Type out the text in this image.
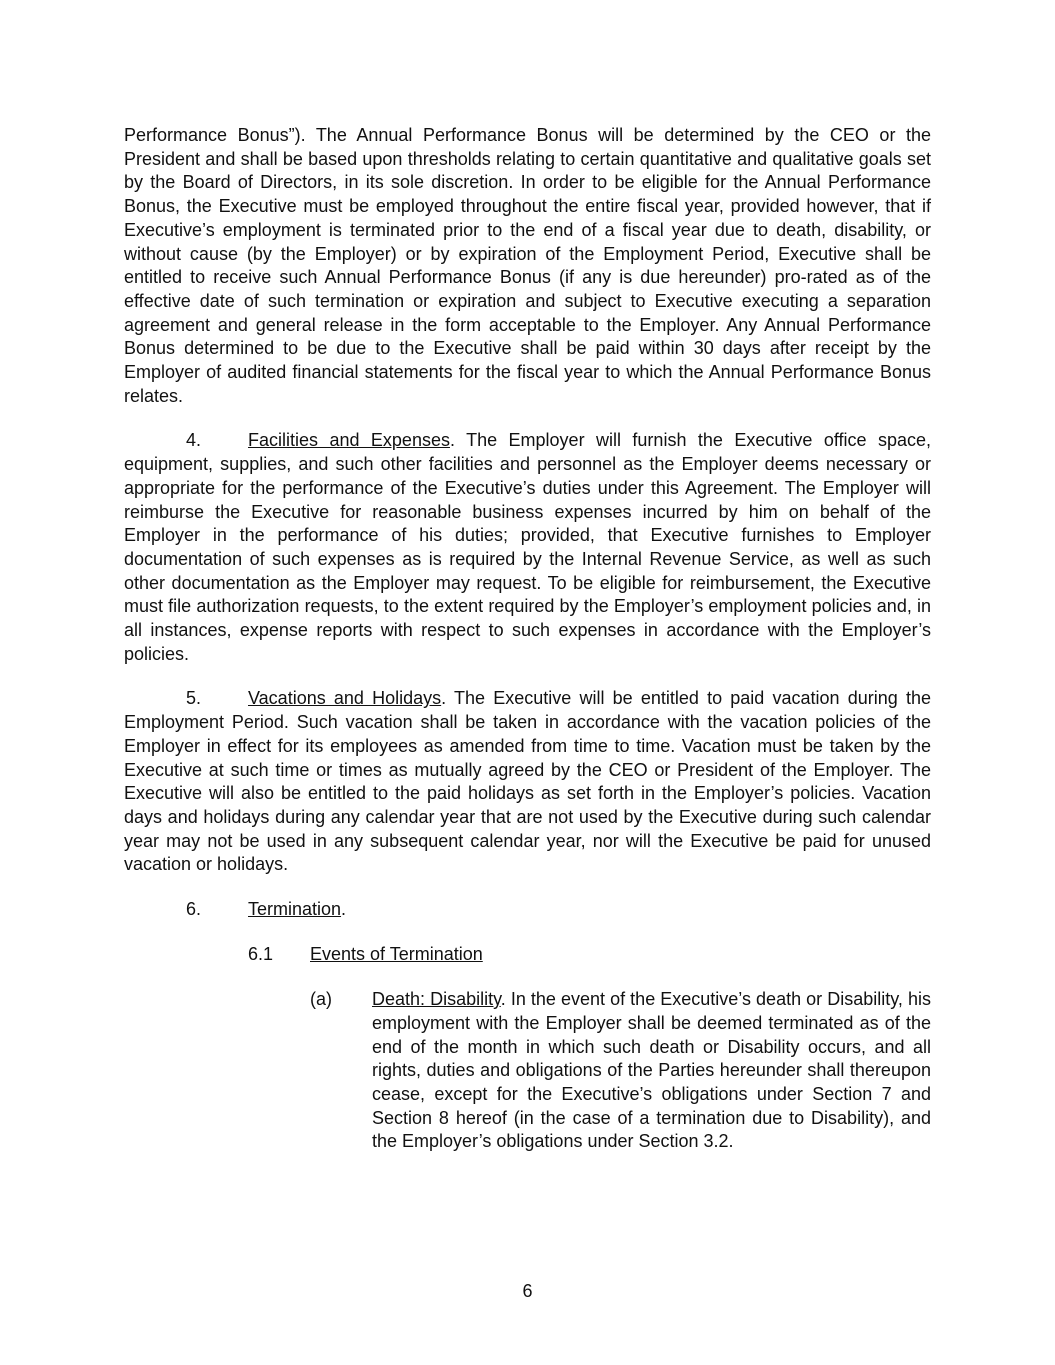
Performance Bonus”). The Annual Performance Bonus will be determined by the CEO or the President and shall be based upon thresholds relating to certain quantitative and qualitative goals set by the Board of Directors, in its sole discretion. In order to be eligible for the Annual Performance Bonus, the Executive must be employed throughout the entire fiscal year, provided however, that if Executive’s employment is terminated prior to the end of a fiscal year due to death, disability, or without cause (by the Employer) or by expiration of the Employment Period, Executive shall be entitled to receive such Annual Performance Bonus (if any is due hereunder) pro-rated as of the effective date of such termination or expiration and subject to Executive executing a separation agreement and general release in the form acceptable to the Employer. Any Annual Performance Bonus determined to be due to the Executive shall be paid within 30 days after receipt by the Employer of audited financial statements for the fiscal year to which the Annual Performance Bonus relates.

4.	Facilities and Expenses. The Employer will furnish the Executive office space, equipment, supplies, and such other facilities and personnel as the Employer deems necessary or appropriate for the performance of the Executive’s duties under this Agreement. The Employer will reimburse the Executive for reasonable business expenses incurred by him on behalf of the Employer in the performance of his duties; provided, that Executive furnishes to Employer documentation of such expenses as is required by the Internal Revenue Service, as well as such other documentation as the Employer may request. To be eligible for reimbursement, the Executive must file authorization requests, to the extent required by the Employer’s employment policies and, in all instances, expense reports with respect to such expenses in accordance with the Employer’s policies.

5.	Vacations and Holidays. The Executive will be entitled to paid vacation during the Employment Period. Such vacation shall be taken in accordance with the vacation policies of the Employer in effect for its employees as amended from time to time. Vacation must be taken by the Executive at such time or times as mutually agreed by the CEO or President of the Employer. The Executive will also be entitled to the paid holidays as set forth in the Employer’s policies. Vacation days and holidays during any calendar year that are not used by the Executive during such calendar year may not be used in any subsequent calendar year, nor will the Executive be paid for unused vacation or holidays.

6.	Termination.
6.1 Events of Termination
(a) Death: Disability. In the event of the Executive’s death or Disability, his employment with the Employer shall be deemed terminated as of the end of the month in which such death or Disability occurs, and all rights, duties and obligations of the Parties hereunder shall thereupon cease, except for the Executive’s obligations under Section 7 and Section 8 hereof (in the case of a termination due to Disability), and the Employer’s obligations under Section 3.2.

6
